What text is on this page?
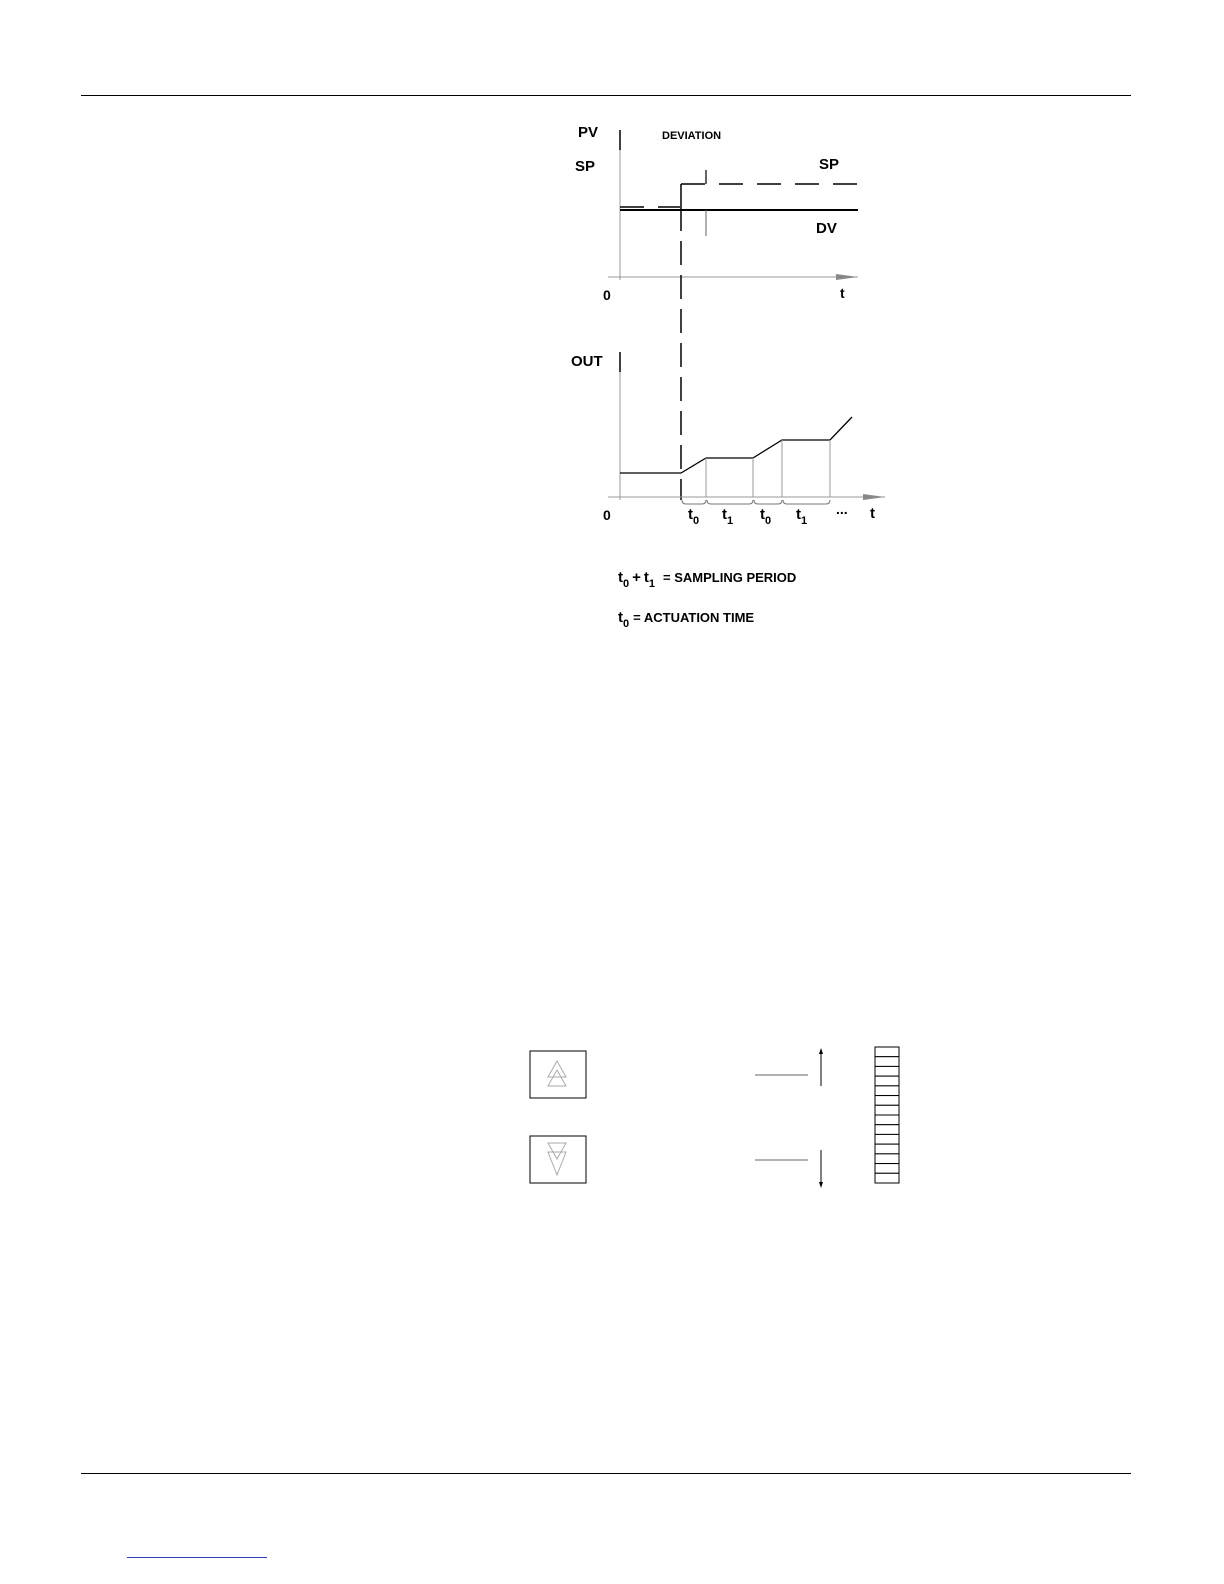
PV
SP
DEVIATION
SP
DV
0	t
OUT
0	t
...
$t_0$ $t_1$ $t_0$ $t_1$
$t_0 + t_1$ = SAMPLING PERIOD
$t_0$ = ACTUATION TIME
